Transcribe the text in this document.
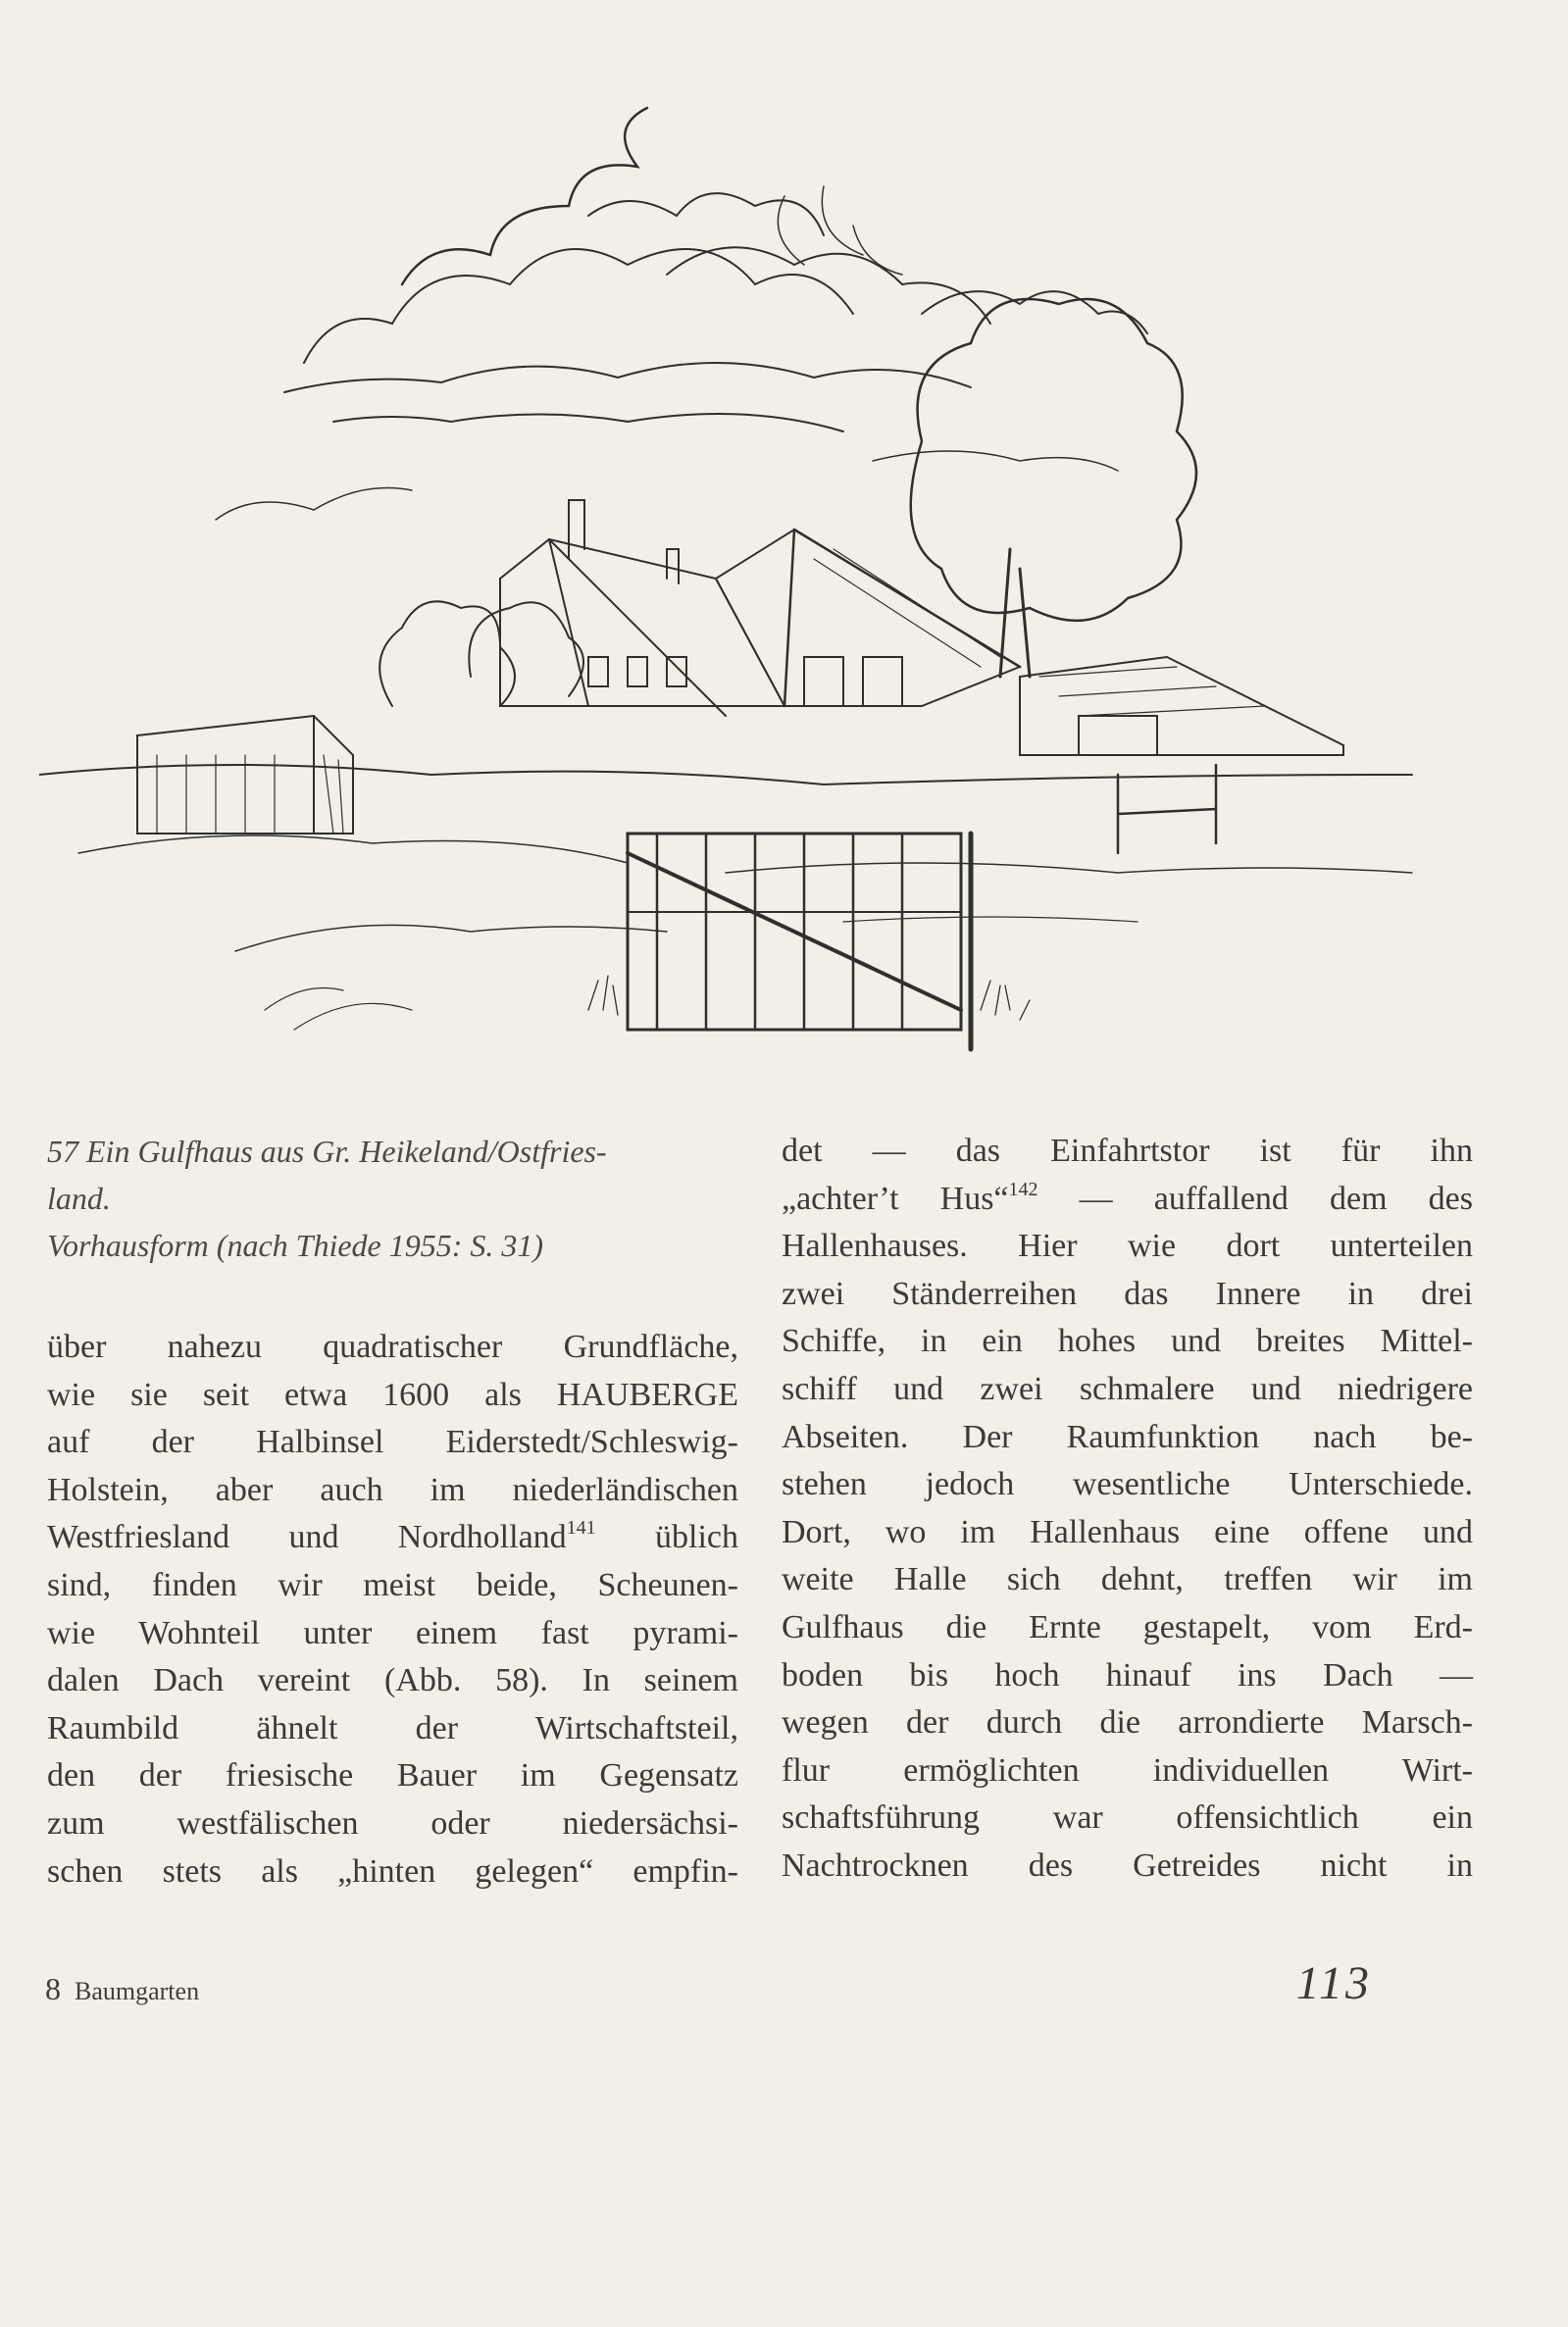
57 Ein Gulfhaus aus Gr. Heikeland/Ostfries-
land.
Vorhausform (nach Thiede 1955: S. 31)
über nahezu quadratischer Grundfläche,
wie sie seit etwa 1600 als HAUBERGE
auf der Halbinsel Eiderstedt/Schleswig-
Holstein, aber auch im niederländischen
Westfriesland und Nordholland$^{141}$ üblich
sind, finden wir meist beide, Scheunen-
wie Wohnteil unter einem fast pyrami-
dalen Dach vereint (Abb. 58). In seinem
Raumbild ähnelt der Wirtschaftsteil,
den der friesische Bauer im Gegensatz
zum westfälischen oder niedersächsi-
schen stets als „hinten gelegen“ empfin-
det — das Einfahrtstor ist für ihn
„achter’t Hus“$^{142}$ — auffallend dem des
Hallenhauses. Hier wie dort unterteilen
zwei Ständerreihen das Innere in drei
Schiffe, in ein hohes und breites Mittel-
schiff und zwei schmalere und niedrigere
Abseiten. Der Raumfunktion nach be-
stehen jedoch wesentliche Unterschiede.
Dort, wo im Hallenhaus eine offene und
weite Halle sich dehnt, treffen wir im
Gulfhaus die Ernte gestapelt, vom Erd-
boden bis hoch hinauf ins Dach —
wegen der durch die arrondierte Marsch-
flur ermöglichten individuellen Wirt-
schaftsführung war offensichtlich ein
Nachtrocknen des Getreides nicht in
8 Baumgarten	113
